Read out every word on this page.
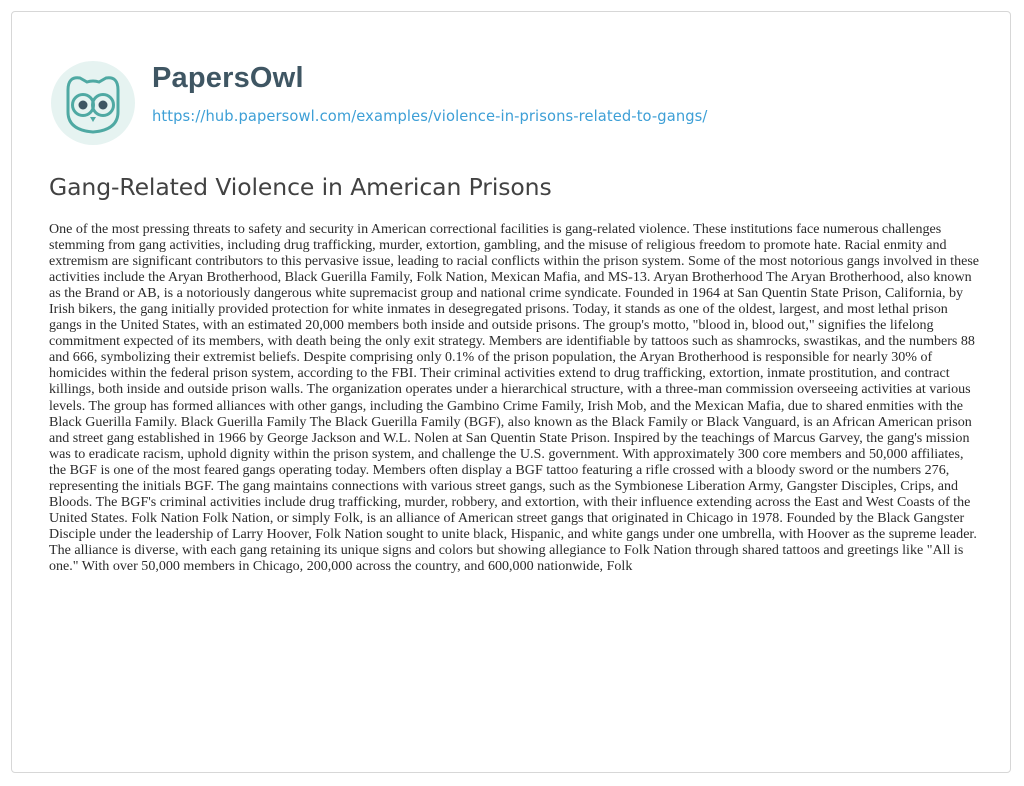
PapersOwl
https://hub.papersowl.com/examples/violence-in-prisons-related-to-gangs/
Gang-Related Violence in American Prisons

One of the most pressing threats to safety and security in American correctional facilities is gang-related violence. These institutions face numerous challenges stemming from gang activities, including drug trafficking, murder, extortion, gambling, and the misuse of religious freedom to promote hate. Racial enmity and extremism are significant contributors to this pervasive issue, leading to racial conflicts within the prison system. Some of the most notorious gangs involved in these activities include the Aryan Brotherhood, Black Guerilla Family, Folk Nation, Mexican Mafia, and MS-13. Aryan Brotherhood The Aryan Brotherhood, also known as the Brand or AB, is a notoriously dangerous white supremacist group and national crime syndicate. Founded in 1964 at San Quentin State Prison, California, by Irish bikers, the gang initially provided protection for white inmates in desegregated prisons. Today, it stands as one of the oldest, largest, and most lethal prison gangs in the United States, with an estimated 20,000 members both inside and outside prisons. The group's motto, "blood in, blood out," signifies the lifelong commitment expected of its members, with death being the only exit strategy. Members are identifiable by tattoos such as shamrocks, swastikas, and the numbers 88 and 666, symbolizing their extremist beliefs. Despite comprising only 0.1% of the prison population, the Aryan Brotherhood is responsible for nearly 30% of homicides within the federal prison system, according to the FBI. Their criminal activities extend to drug trafficking, extortion, inmate prostitution, and contract killings, both inside and outside prison walls. The organization operates under a hierarchical structure, with a three-man commission overseeing activities at various levels. The group has formed alliances with other gangs, including the Gambino Crime Family, Irish Mob, and the Mexican Mafia, due to shared enmities with the Black Guerilla Family. Black Guerilla Family The Black Guerilla Family (BGF), also known as the Black Family or Black Vanguard, is an African American prison and street gang established in 1966 by George Jackson and W.L. Nolen at San Quentin State Prison. Inspired by the teachings of Marcus Garvey, the gang's mission was to eradicate racism, uphold dignity within the prison system, and challenge the U.S. government. With approximately 300 core members and 50,000 affiliates, the BGF is one of the most feared gangs operating today. Members often display a BGF tattoo featuring a rifle crossed with a bloody sword or the numbers 276, representing the initials BGF. The gang maintains connections with various street gangs, such as the Symbionese Liberation Army, Gangster Disciples, Crips, and Bloods. The BGF's criminal activities include drug trafficking, murder, robbery, and extortion, with their influence extending across the East and West Coasts of the United States. Folk Nation Folk Nation, or simply Folk, is an alliance of American street gangs that originated in Chicago in 1978. Founded by the Black Gangster Disciple under the leadership of Larry Hoover, Folk Nation sought to unite black, Hispanic, and white gangs under one umbrella, with Hoover as the supreme leader. The alliance is diverse, with each gang retaining its unique signs and colors but showing allegiance to Folk Nation through shared tattoos and greetings like "All is one." With over 50,000 members in Chicago, 200,000 across the country, and 600,000 nationwide, Folk
